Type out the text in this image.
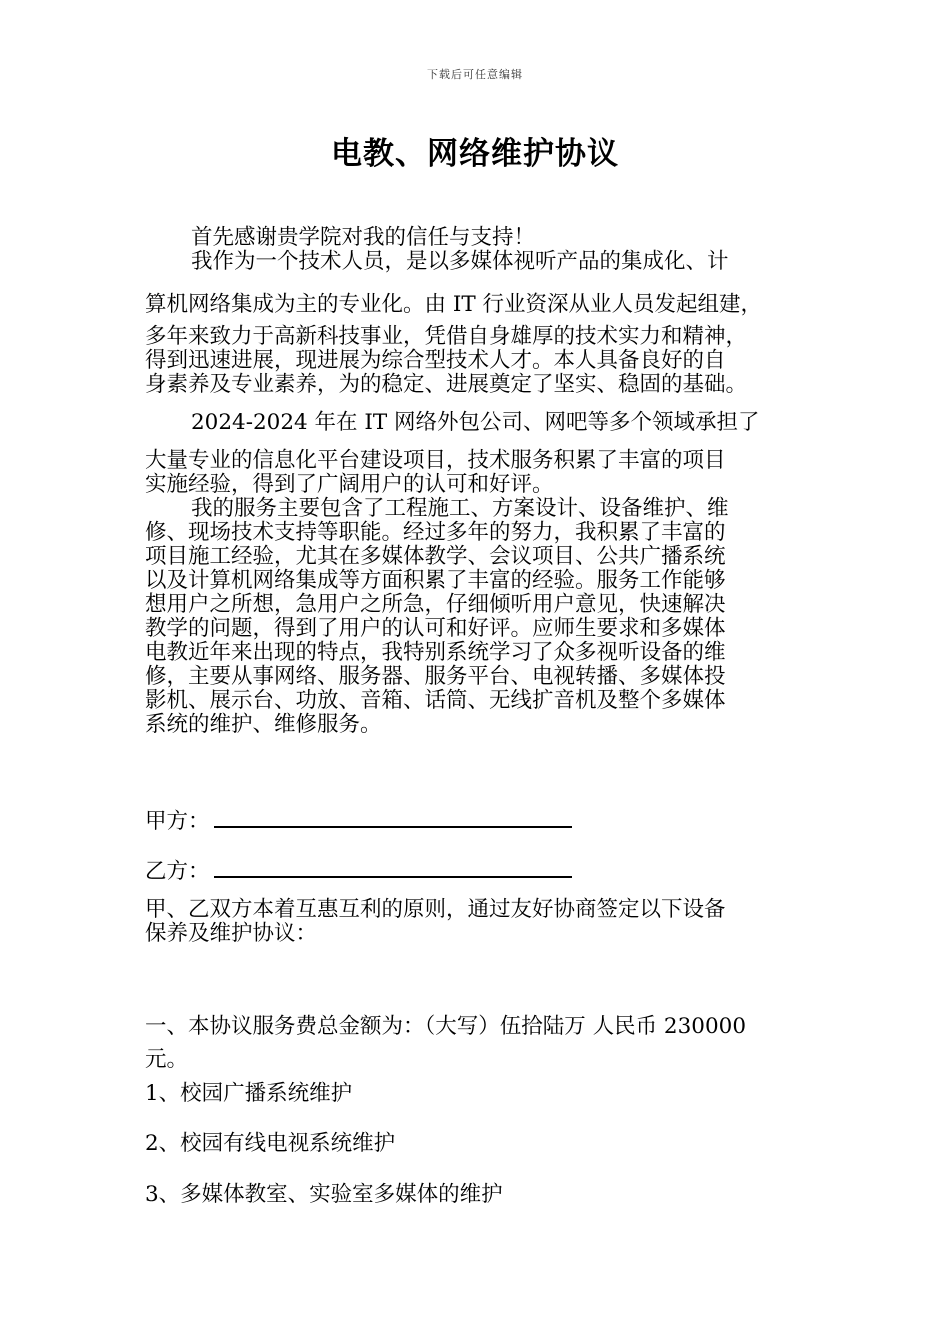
下载后可任意编辑
电教、网络维护协议

首先感谢贵学院对我的信任与支持！

我作为一个技术人员，是以多媒体视听产品的集成化、计

算机网络集成为主的专业化。由 IT 行业资深从业人员发起组建，

多年来致力于高新科技事业，凭借自身雄厚的技术实力和精神，

得到迅速进展，现进展为综合型技术人才。本人具备良好的自

身素养及专业素养，为的稳定、进展奠定了坚实、稳固的基础。

2024-2024 年在 IT 网络外包公司、网吧等多个领域承担了

大量专业的信息化平台建设项目，技术服务积累了丰富的项目

实施经验，得到了广阔用户的认可和好评。

我的服务主要包含了工程施工、方案设计、设备维护、维

修、现场技术支持等职能。经过多年的努力，我积累了丰富的

项目施工经验，尤其在多媒体教学、会议项目、公共广播系统

以及计算机网络集成等方面积累了丰富的经验。服务工作能够

想用户之所想，急用户之所急，仔细倾听用户意见，快速解决

教学的问题，得到了用户的认可和好评。应师生要求和多媒体

电教近年来出现的特点，我特别系统学习了众多视听设备的维

修，主要从事网络、服务器、服务平台、电视转播、多媒体投

影机、展示台、功放、音箱、话筒、无线扩音机及整个多媒体

系统的维护、维修服务。

甲方：
乙方：

甲、乙双方本着互惠互利的原则，通过友好协商签定以下设备

保养及维护协议：

一、本协议服务费总金额为：（大写）伍拾陆万 人民币 230000
元。
1、校园广播系统维护
2、校园有线电视系统维护
3、多媒体教室、实验室多媒体的维护
